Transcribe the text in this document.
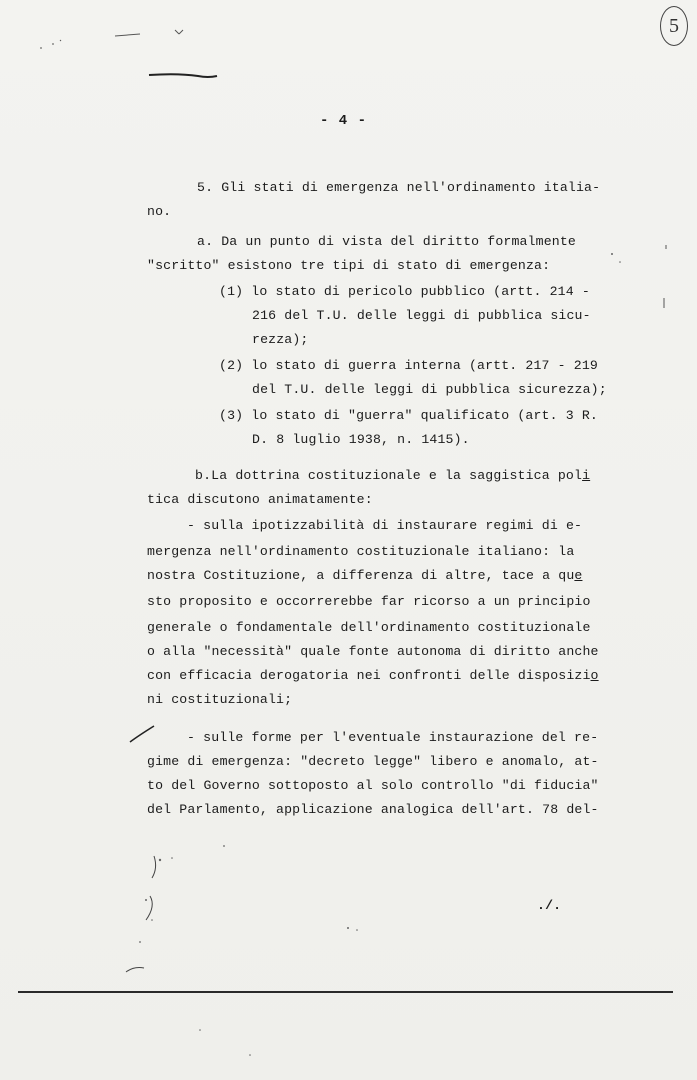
5
- 4 -
5. Gli stati di emergenza nell'ordinamento italia-
no.
a. Da un punto di vista del diritto formalmente
"scritto" esistono tre tipi di stato di emergenza:
(1) lo stato di pericolo pubblico (artt. 214 -
216 del T.U. delle leggi di pubblica sicu-
rezza);
(2) lo stato di guerra interna (artt. 217 - 219
del T.U. delle leggi di pubblica sicurezza);
(3) lo stato di "guerra" qualificato (art. 3 R.
D. 8 luglio 1938, n. 1415).
b.La dottrina costituzionale e la saggistica poli
tica discutono animatamente:
- sulla ipotizzabilità di instaurare regimi di e-
mergenza nell'ordinamento costituzionale italiano: la
nostra Costituzione, a differenza di altre, tace a que
sto proposito e occorrerebbe far ricorso a un principio
generale o fondamentale dell'ordinamento costituzionale
o alla "necessità" quale fonte autonoma di diritto anche
con efficacia derogatoria nei confronti delle disposizio
ni costituzionali;
- sulle forme per l'eventuale instaurazione del re-
gime di emergenza: "decreto legge" libero e anomalo, at-
to del Governo sottoposto al solo controllo "di fiducia"
del Parlamento, applicazione analogica dell'art. 78 del-
./.
